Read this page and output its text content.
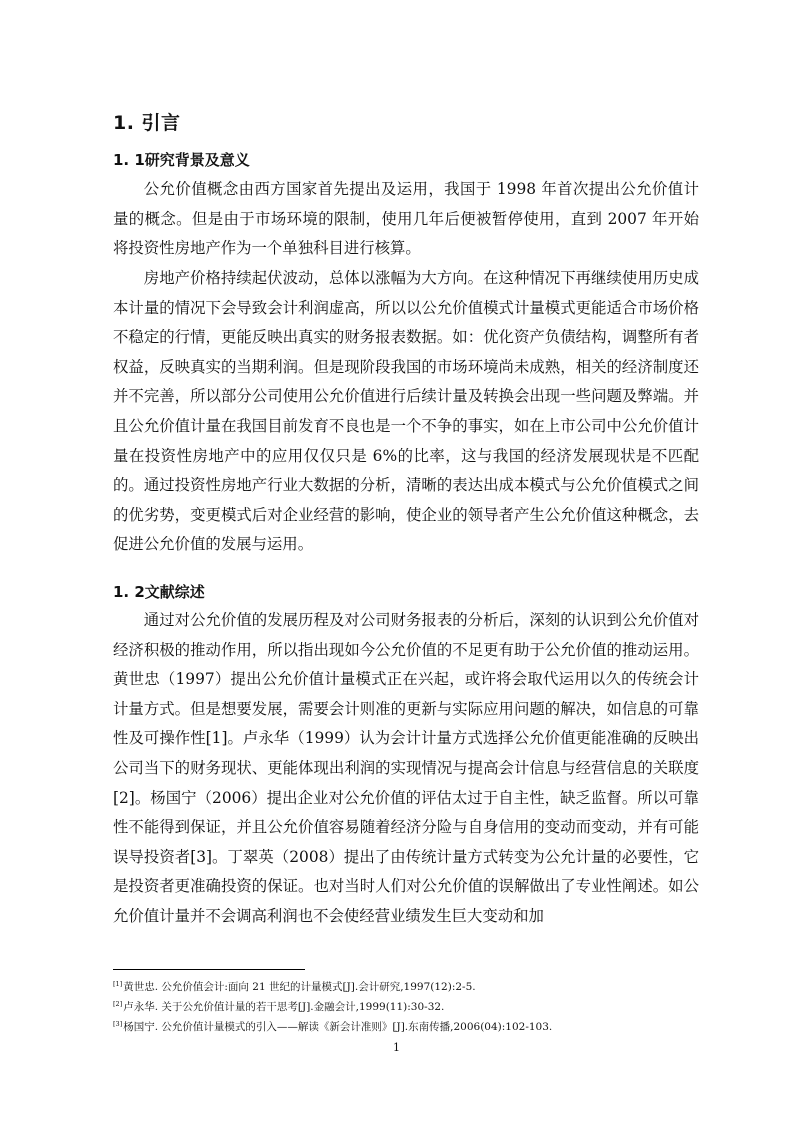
1. 引言
1. 1研究背景及意义

公允价值概念由西方国家首先提出及运用，我国于 1998 年首次提出公允价值计量的概念。但是由于市场环境的限制，使用几年后便被暂停使用，直到 2007 年开始将投资性房地产作为一个单独科目进行核算。

房地产价格持续起伏波动，总体以涨幅为大方向。在这种情况下再继续使用历史成本计量的情况下会导致会计利润虚高，所以以公允价值模式计量模式更能适合市场价格不稳定的行情，更能反映出真实的财务报表数据。如：优化资产负债结构，调整所有者权益，反映真实的当期利润。但是现阶段我国的市场环境尚未成熟，相关的经济制度还并不完善，所以部分公司使用公允价值进行后续计量及转换会出现一些问题及弊端。并且公允价值计量在我国目前发育不良也是一个不争的事实，如在上市公司中公允价值计量在投资性房地产中的应用仅仅只是 6%的比率，这与我国的经济发展现状是不匹配的。通过投资性房地产行业大数据的分析，清晰的表达出成本模式与公允价值模式之间的优劣势，变更模式后对企业经营的影响，使企业的领导者产生公允价值这种概念，去促进公允价值的发展与运用。

1. 2文献综述

通过对公允价值的发展历程及对公司财务报表的分析后，深刻的认识到公允价值对经济积极的推动作用，所以指出现如今公允价值的不足更有助于公允价值的推动运用。黄世忠（1997）提出公允价值计量模式正在兴起，或许将会取代运用以久的传统会计计量方式。但是想要发展，需要会计则准的更新与实际应用问题的解决，如信息的可靠性及可操作性[1]。卢永华（1999）认为会计计量方式选择公允价值更能准确的反映出公司当下的财务现状、更能体现出利润的实现情况与提高会计信息与经营信息的关联度[2]。杨国宁（2006）提出企业对公允价值的评估太过于自主性，缺乏监督。所以可靠性不能得到保证，并且公允价值容易随着经济分险与自身信用的变动而变动，并有可能误导投资者[3]。丁翠英（2008）提出了由传统计量方式转变为公允计量的必要性，它是投资者更准确投资的保证。也对当时人们对公允价值的误解做出了专业性阐述。如公允价值计量并不会调高利润也不会使经营业绩发生巨大变动和加

[1]黄世忠. 公允价值会计:面向 21 世纪的计量模式[J].会计研究,1997(12):2-5.
[2]卢永华. 关于公允价值计量的若干思考[J].金融会计,1999(11):30-32.
[3]杨国宁. 公允价值计量模式的引入——解读《新会计准则》[J].东南传播,2006(04):102-103.
1
